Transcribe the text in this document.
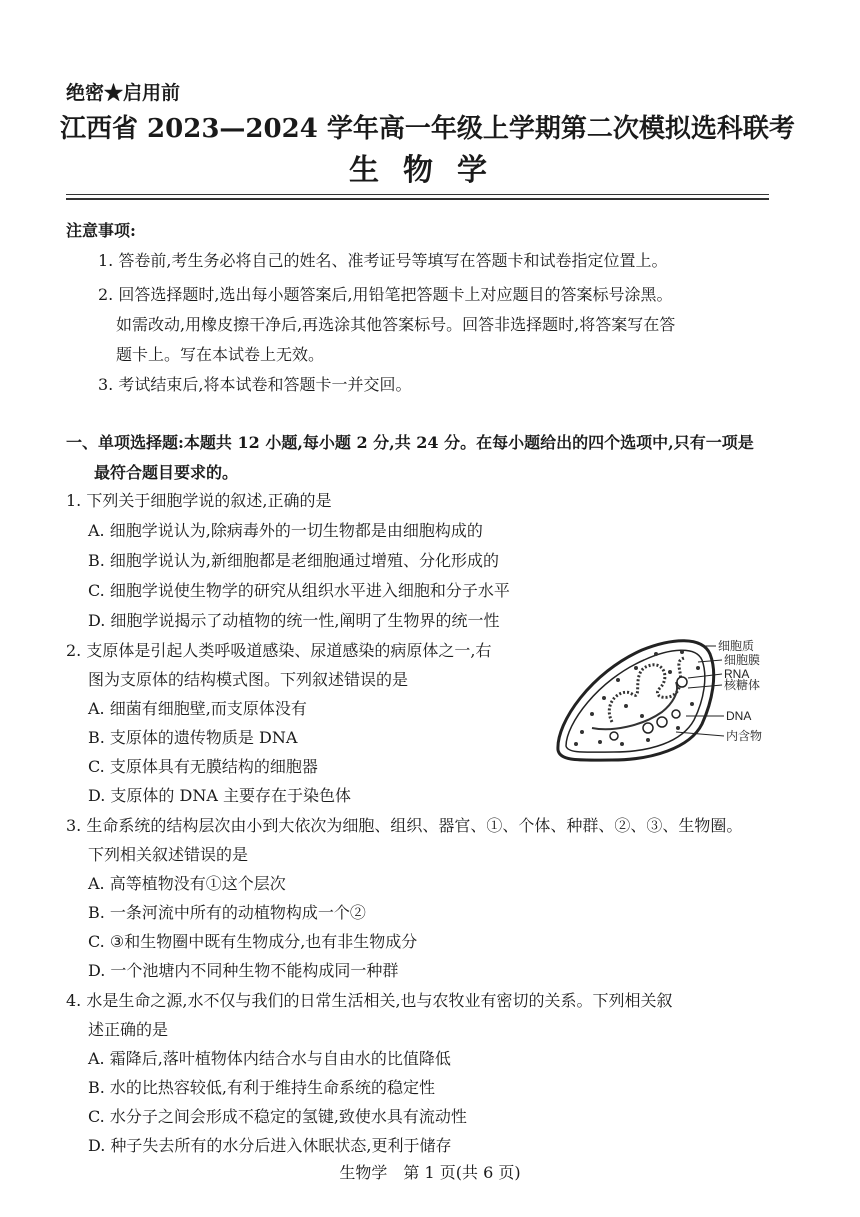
绝密★启用前
江西省 2023—2024 学年高一年级上学期第二次模拟选科联考
生物学
注意事项:
1. 答卷前,考生务必将自己的姓名、准考证号等填写在答题卡和试卷指定位置上。
2. 回答选择题时,选出每小题答案后,用铅笔把答题卡上对应题目的答案标号涂黑。
如需改动,用橡皮擦干净后,再选涂其他答案标号。回答非选择题时,将答案写在答
题卡上。写在本试卷上无效。
3. 考试结束后,将本试卷和答题卡一并交回。
一、单项选择题:本题共 12 小题,每小题 2 分,共 24 分。在每小题给出的四个选项中,只有一项是
最符合题目要求的。
1. 下列关于细胞学说的叙述,正确的是
A. 细胞学说认为,除病毒外的一切生物都是由细胞构成的
B. 细胞学说认为,新细胞都是老细胞通过增殖、分化形成的
C. 细胞学说使生物学的研究从组织水平进入细胞和分子水平
D. 细胞学说揭示了动植物的统一性,阐明了生物界的统一性
2. 支原体是引起人类呼吸道感染、尿道感染的病原体之一,右
图为支原体的结构模式图。下列叙述错误的是
A. 细菌有细胞壁,而支原体没有
B. 支原体的遗传物质是 DNA
C. 支原体具有无膜结构的细胞器
D. 支原体的 DNA 主要存在于染色体
细胞质
细胞膜
RNA
核糖体
DNA
内含物
3. 生命系统的结构层次由小到大依次为细胞、组织、器官、①、个体、种群、②、③、生物圈。
下列相关叙述错误的是
A. 高等植物没有①这个层次
B. 一条河流中所有的动植物构成一个②
C. ③和生物圈中既有生物成分,也有非生物成分
D. 一个池塘内不同种生物不能构成同一种群
4. 水是生命之源,水不仅与我们的日常生活相关,也与农牧业有密切的关系。下列相关叙
述正确的是
A. 霜降后,落叶植物体内结合水与自由水的比值降低
B. 水的比热容较低,有利于维持生命系统的稳定性
C. 水分子之间会形成不稳定的氢键,致使水具有流动性
D. 种子失去所有的水分后进入休眠状态,更利于储存
生物学　第 1 页(共 6 页)
